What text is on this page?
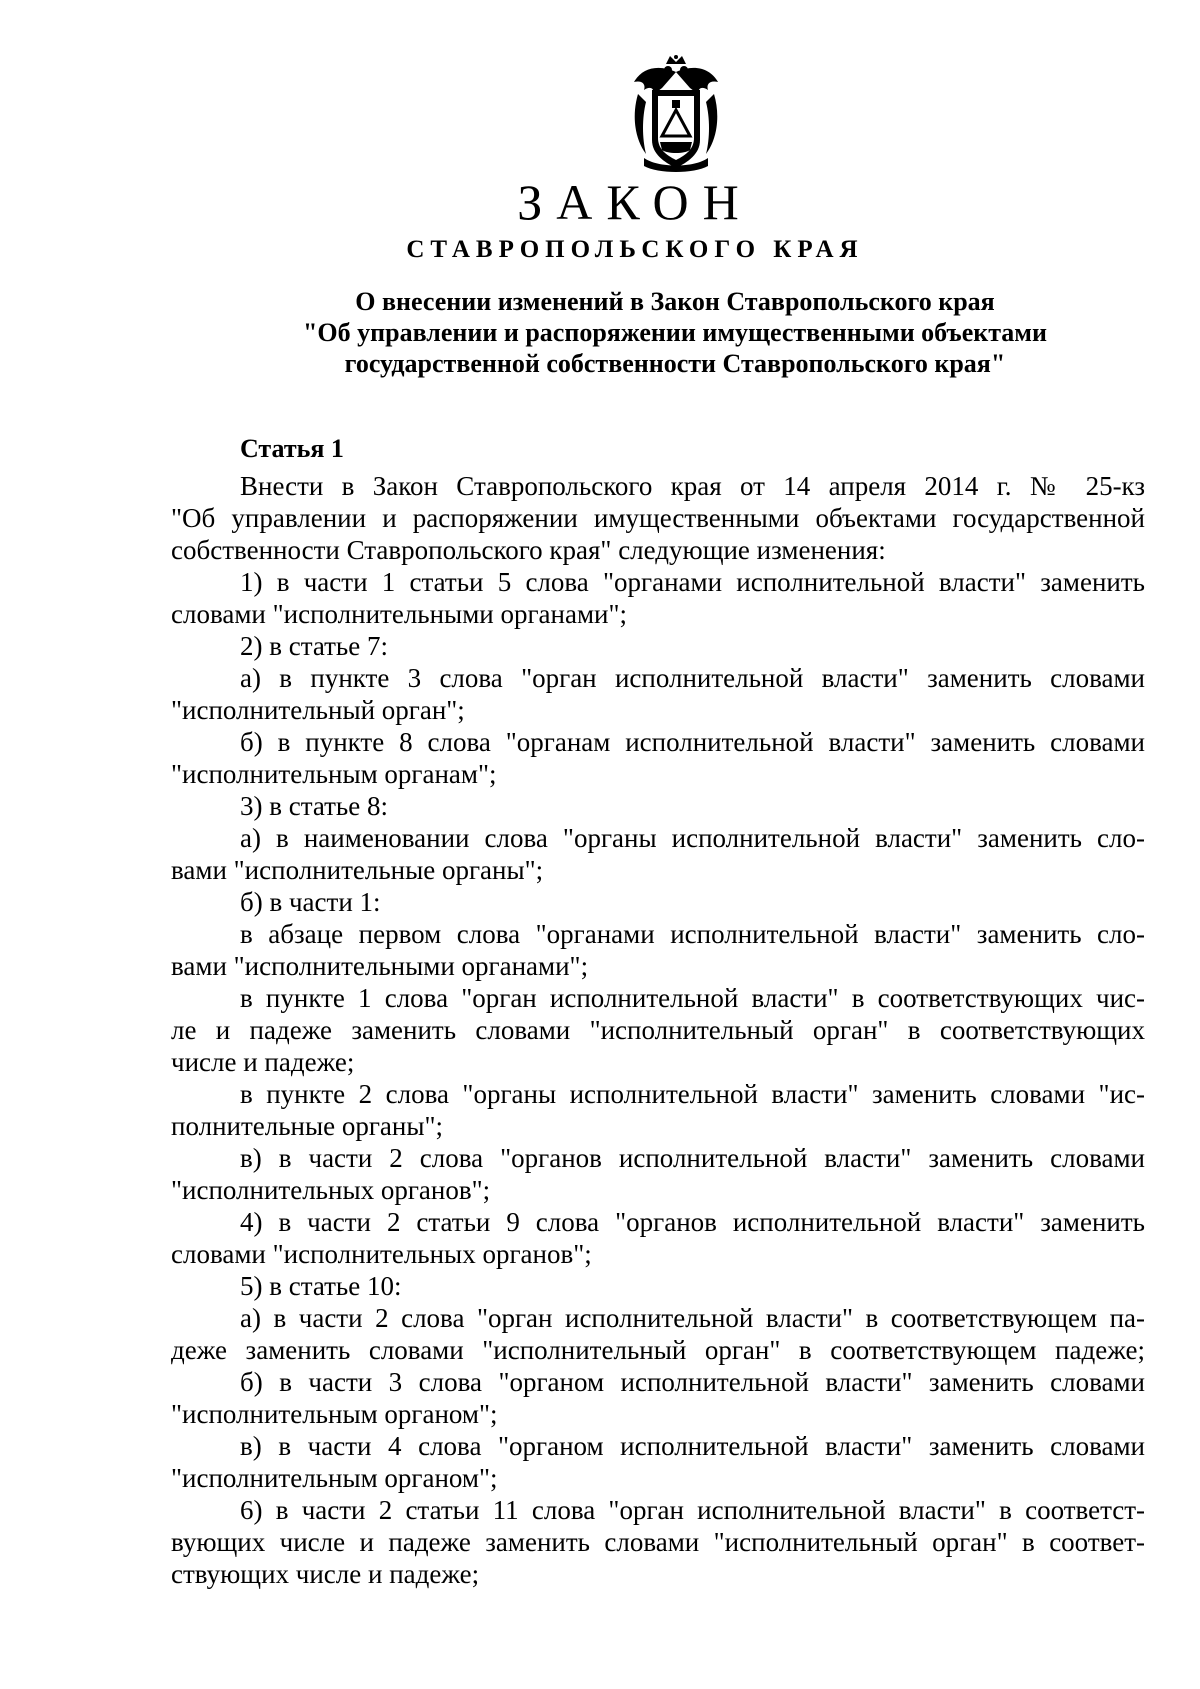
ЗАКОН
СТАВРОПОЛЬСКОГО КРАЯ
О внесении изменений в Закон Ставропольского края
"Об управлении и распоряжении имущественными объектами
государственной собственности Ставропольского края"
Статья 1
Внести в Закон Ставропольского края от 14 апреля 2014 г. № 25-кз
"Об управлении и распоряжении имущественными объектами государственной
собственности Ставропольского края" следующие изменения:
1) в части 1 статьи 5 слова "органами исполнительной власти" заменить
словами "исполнительными органами";
2) в статье 7:
а) в пункте 3 слова "орган исполнительной власти" заменить словами
"исполнительный орган";
б) в пункте 8 слова "органам исполнительной власти" заменить словами
"исполнительным органам";
3) в статье 8:
а) в наименовании слова "органы исполнительной власти" заменить сло-
вами "исполнительные органы";
б) в части 1:
в абзаце первом слова "органами исполнительной власти" заменить сло-
вами "исполнительными органами";
в пункте 1 слова "орган исполнительной власти" в соответствующих чис-
ле и падеже заменить словами "исполнительный орган" в соответствующих
числе и падеже;
в пункте 2 слова "органы исполнительной власти" заменить словами "ис-
полнительные органы";
в) в части 2 слова "органов исполнительной власти" заменить словами
"исполнительных органов";
4) в части 2 статьи 9 слова "органов исполнительной власти" заменить
словами "исполнительных органов";
5) в статье 10:
а) в части 2 слова "орган исполнительной власти" в соответствующем па-
деже заменить словами "исполнительный орган" в соответствующем падеже;
б) в части 3 слова "органом исполнительной власти" заменить словами
"исполнительным органом";
в) в части 4 слова "органом исполнительной власти" заменить словами
"исполнительным органом";
6) в части 2 статьи 11 слова "орган исполнительной власти" в соответст-
вующих числе и падеже заменить словами "исполнительный орган" в соответ-
ствующих числе и падеже;
